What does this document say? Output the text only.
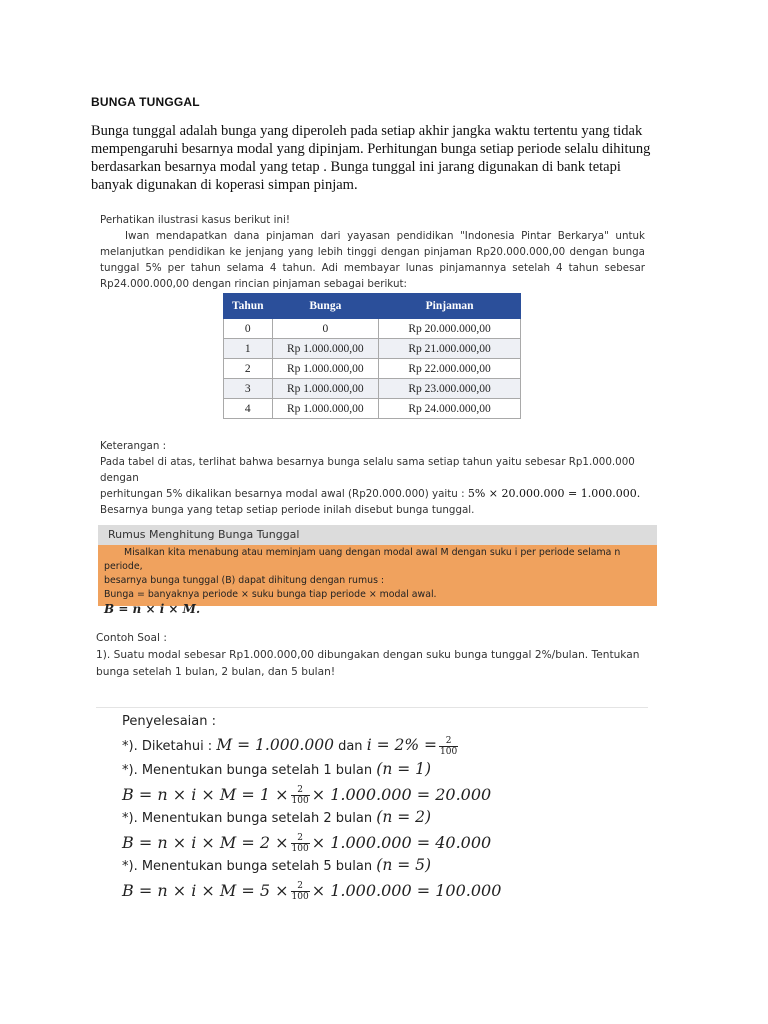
BUNGA TUNGGAL

Bunga tunggal adalah bunga yang diperoleh pada setiap akhir jangka waktu tertentu yang tidak mempengaruhi besarnya modal yang dipinjam. Perhitungan bunga setiap periode selalu dihitung berdasarkan besarnya modal yang tetap . Bunga tunggal ini jarang digunakan di bank tetapi banyak digunakan di koperasi simpan pinjam.

Perhatikan ilustrasi kasus berikut ini!

Iwan mendapatkan dana pinjaman dari yayasan pendidikan "Indonesia Pintar Berkarya" untuk melanjutkan pendidikan ke jenjang yang lebih tinggi dengan pinjaman Rp20.000.000,00 dengan bunga tunggal 5% per tahun selama 4 tahun. Adi membayar lunas pinjamannya setelah 4 tahun sebesar Rp24.000.000,00 dengan rincian pinjaman sebagai berikut:

Tahun	Bunga	Pinjaman
0	0	Rp 20.000.000,00
1	Rp 1.000.000,00	Rp 21.000.000,00
2	Rp 1.000.000,00	Rp 22.000.000,00
3	Rp 1.000.000,00	Rp 23.000.000,00
4	Rp 1.000.000,00	Rp 24.000.000,00

Keterangan :

Pada tabel di atas, terlihat bahwa besarnya bunga selalu sama setiap tahun yaitu sebesar Rp1.000.000 dengan

perhitungan 5% dikalikan besarnya modal awal (Rp20.000.000) yaitu : 5% × 20.000.000 = 1.000.000.

Besarnya bunga yang tetap setiap periode inilah disebut bunga tunggal.

Rumus Menghitung Bunga Tunggal

Misalkan kita menabung atau meminjam uang dengan modal awal M dengan suku i per periode selama n periode,

besarnya bunga tunggal (B) dapat dihitung dengan rumus :

Bunga = banyaknya periode × suku bunga tiap periode × modal awal.

B = n × i × M.

Contoh Soal :

1). Suatu modal sebesar Rp1.000.000,00 dibungakan dengan suku bunga tunggal 2%/bulan. Tentukan bunga setelah 1 bulan, 2 bulan, dan 5 bulan!

Penyelesaian :

*). Diketahui : M = 1.000.000 dan $i = 2\% = \frac{2}{100}$

*). Menentukan bunga setelah 1 bulan (n = 1)

$B = n \times i \times M = 1 \times \frac{2}{100} \times 1.000.000 = 20.000$

*). Menentukan bunga setelah 2 bulan (n = 2)

$B = n \times i \times M = 2 \times \frac{2}{100} \times 1.000.000 = 40.000$

*). Menentukan bunga setelah 5 bulan (n = 5)

$B = n \times i \times M = 5 \times \frac{2}{100} \times 1.000.000 = 100.000$
